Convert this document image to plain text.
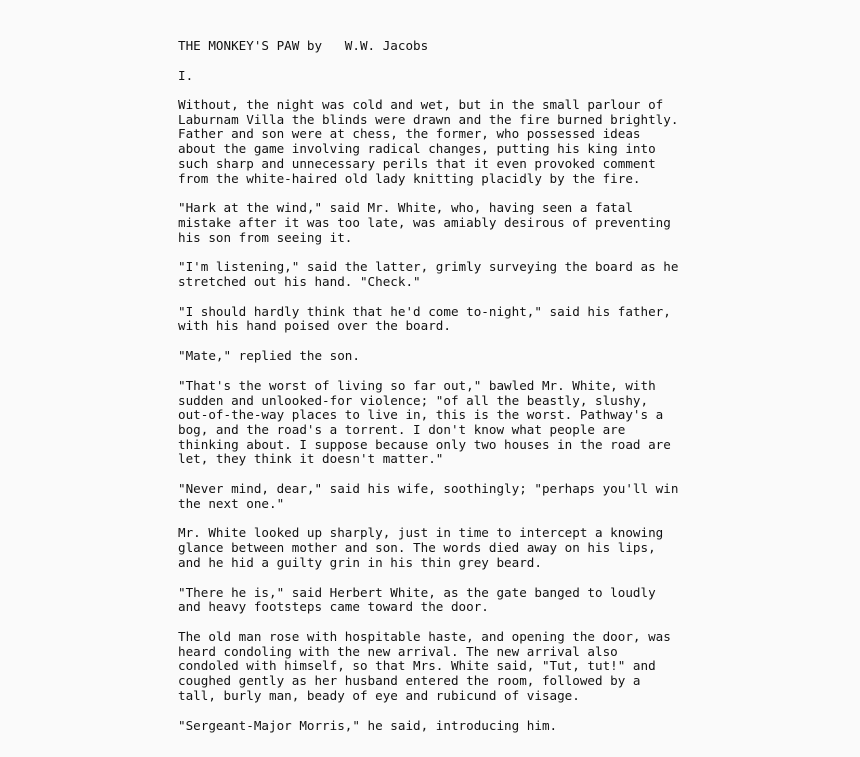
THE MONKEY'S PAW by   W.W. Jacobs
I.
Without, the night was cold and wet, but in the small parlour of
Laburnam Villa the blinds were drawn and the fire burned brightly.
Father and son were at chess, the former, who possessed ideas
about the game involving radical changes, putting his king into
such sharp and unnecessary perils that it even provoked comment
from the white-haired old lady knitting placidly by the fire.
"Hark at the wind," said Mr. White, who, having seen a fatal
mistake after it was too late, was amiably desirous of preventing
his son from seeing it.
"I'm listening," said the latter, grimly surveying the board as he
stretched out his hand. "Check."
"I should hardly think that he'd come to-night," said his father,
with his hand poised over the board.
"Mate," replied the son.
"That's the worst of living so far out," bawled Mr. White, with
sudden and unlooked-for violence; "of all the beastly, slushy,
out-of-the-way places to live in, this is the worst. Pathway's a
bog, and the road's a torrent. I don't know what people are
thinking about. I suppose because only two houses in the road are
let, they think it doesn't matter."
"Never mind, dear," said his wife, soothingly; "perhaps you'll win
the next one."
Mr. White looked up sharply, just in time to intercept a knowing
glance between mother and son. The words died away on his lips,
and he hid a guilty grin in his thin grey beard.
"There he is," said Herbert White, as the gate banged to loudly
and heavy footsteps came toward the door.
The old man rose with hospitable haste, and opening the door, was
heard condoling with the new arrival. The new arrival also
condoled with himself, so that Mrs. White said, "Tut, tut!" and
coughed gently as her husband entered the room, followed by a
tall, burly man, beady of eye and rubicund of visage.
"Sergeant-Major Morris," he said, introducing him.
